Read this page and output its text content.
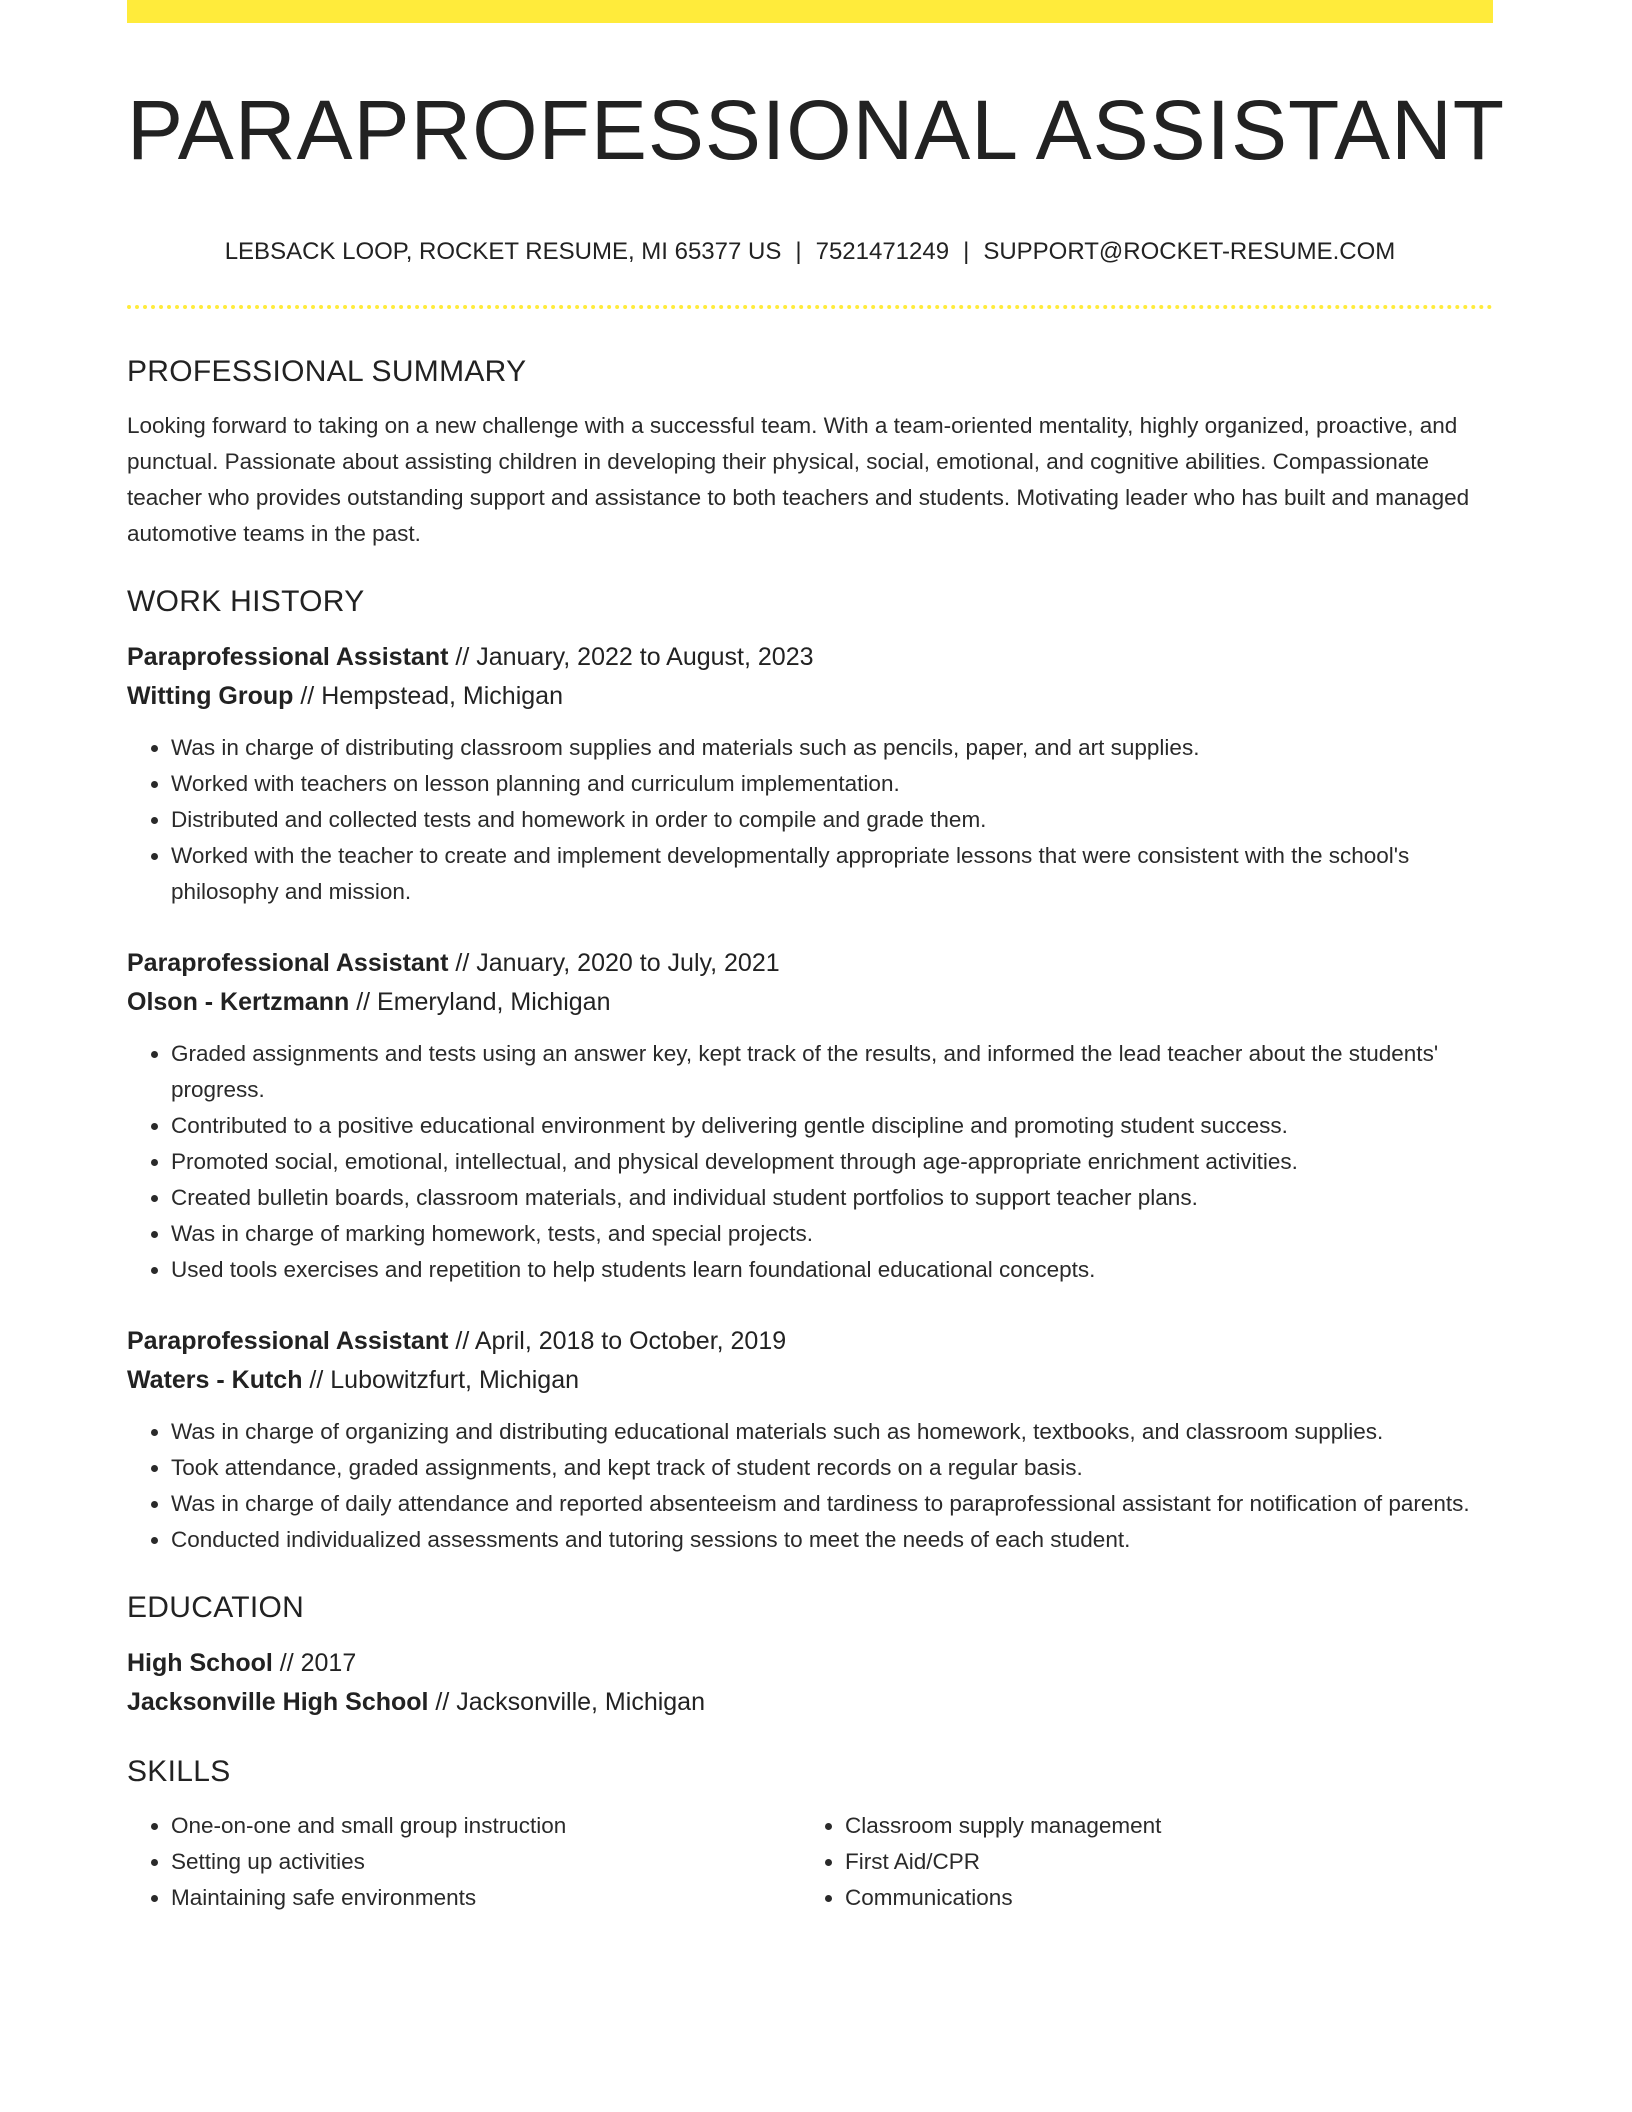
PARAPROFESSIONAL ASSISTANT
LEBSACK LOOP, ROCKET RESUME, MI 65377 US | 7521471249 | SUPPORT@ROCKET-RESUME.COM
PROFESSIONAL SUMMARY

Looking forward to taking on a new challenge with a successful team. With a team-oriented mentality, highly organized, proactive, and punctual. Passionate about assisting children in developing their physical, social, emotional, and cognitive abilities. Compassionate teacher who provides outstanding support and assistance to both teachers and students. Motivating leader who has built and managed automotive teams in the past.

WORK HISTORY
Paraprofessional Assistant // January, 2022 to August, 2023
Witting Group // Hempstead, Michigan
• Was in charge of distributing classroom supplies and materials such as pencils, paper, and art supplies.
• Worked with teachers on lesson planning and curriculum implementation.
• Distributed and collected tests and homework in order to compile and grade them.
• Worked with the teacher to create and implement developmentally appropriate lessons that were consistent with the school's philosophy and mission.
Paraprofessional Assistant // January, 2020 to July, 2021
Olson - Kertzmann // Emeryland, Michigan
• Graded assignments and tests using an answer key, kept track of the results, and informed the lead teacher about the students' progress.
• Contributed to a positive educational environment by delivering gentle discipline and promoting student success.
• Promoted social, emotional, intellectual, and physical development through age-appropriate enrichment activities.
• Created bulletin boards, classroom materials, and individual student portfolios to support teacher plans.
• Was in charge of marking homework, tests, and special projects.
• Used tools exercises and repetition to help students learn foundational educational concepts.
Paraprofessional Assistant // April, 2018 to October, 2019
Waters - Kutch // Lubowitzfurt, Michigan
• Was in charge of organizing and distributing educational materials such as homework, textbooks, and classroom supplies.
• Took attendance, graded assignments, and kept track of student records on a regular basis.
• Was in charge of daily attendance and reported absenteeism and tardiness to paraprofessional assistant for notification of parents.
• Conducted individualized assessments and tutoring sessions to meet the needs of each student.
EDUCATION
High School // 2017
Jacksonville High School // Jacksonville, Michigan
SKILLS
• One-on-one and small group instruction
• Setting up activities
• Maintaining safe environments
• Classroom supply management
• First Aid/CPR
• Communications
